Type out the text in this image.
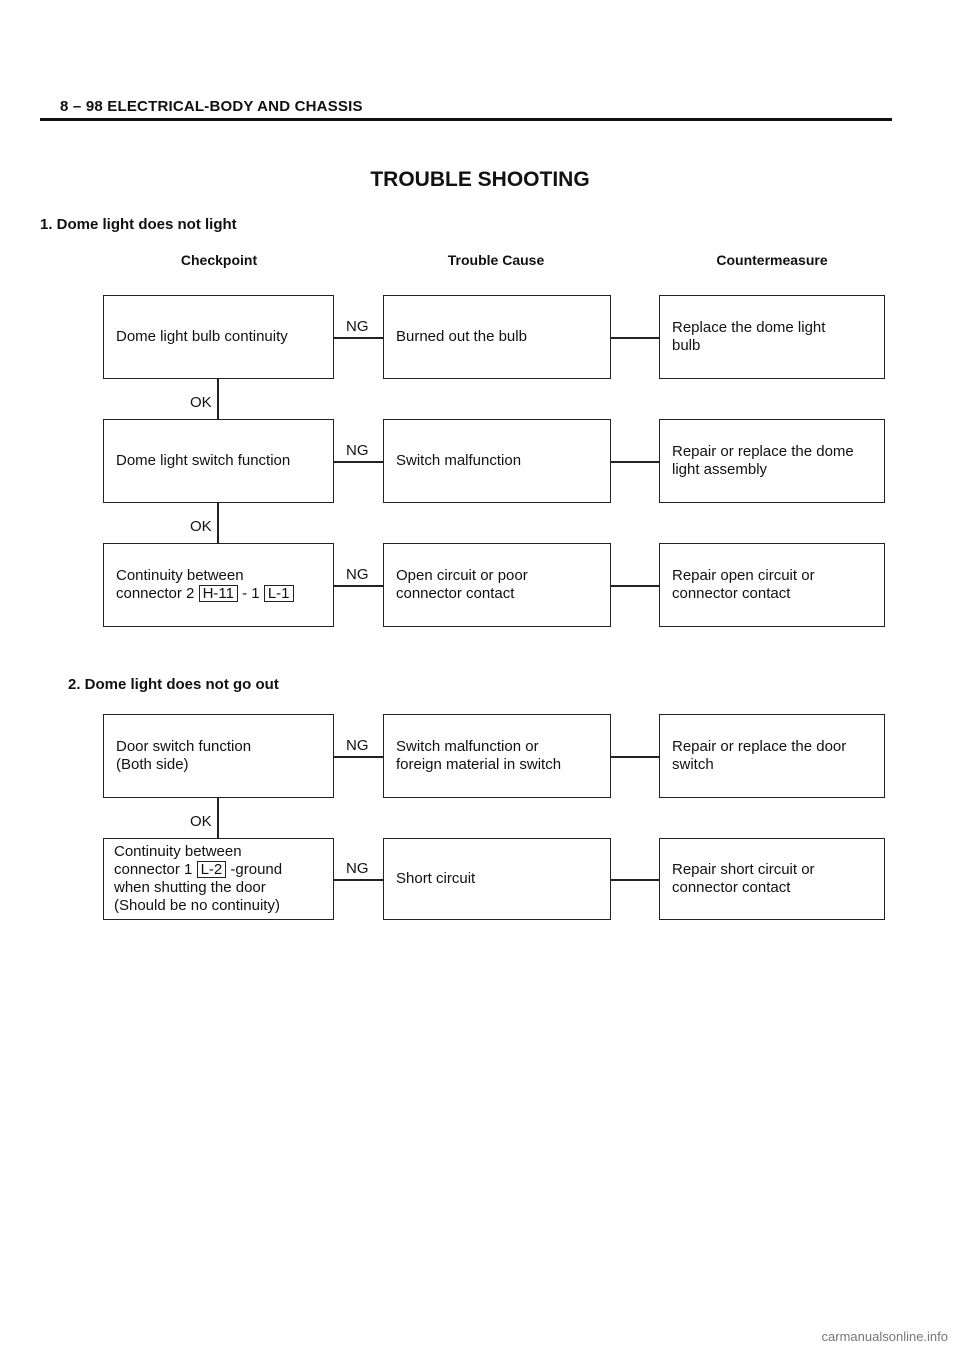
8 – 98 ELECTRICAL-BODY AND CHASSIS
TROUBLE SHOOTING
1. Dome light does not light
Checkpoint	Trouble Cause	Countermeasure
Dome light bulb continuity
NG
Burned out the bulb
Replace the dome light
bulb
OK
Dome light switch function
NG
Switch malfunction
Repair or replace the dome
light assembly
OK
Continuity between
connector 2 H-11 - 1 L-1
NG Open circuit or poor
connector contact
Repair open circuit or
connector contact
2. Dome light does not go out
Door switch function
(Both side)
NG Switch malfunction or
foreign material in switch
Repair or replace the door
switch
OK
Continuity between
connector 1 L-2 -ground
when shutting the door
(Should be no continuity)
NG
Short circuit
Repair short circuit or
connector contact
carmanualsonline.info
